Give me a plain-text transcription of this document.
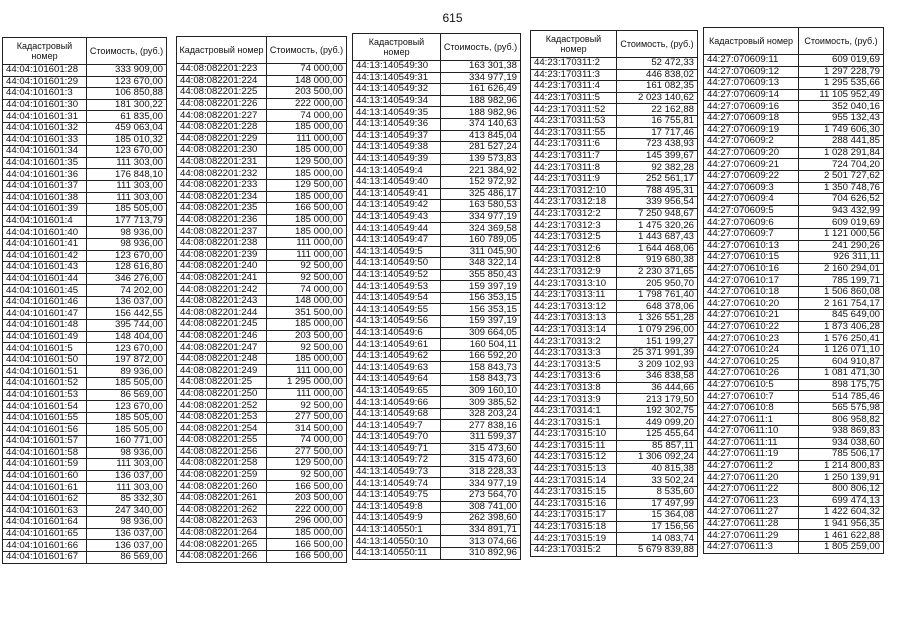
615
Кадастровый номер	Стоимость, (руб.)
44:04:101601:28	333 909,00
44:04:101601:29	123 670,00
44:04:101601:3	106 850,88
44:04:101601:30	181 300,22
44:04:101601:31	61 835,00
44:04:101601:32	459 063,04
44:04:101601:33	185 010,32
44:04:101601:34	123 670,00
44:04:101601:35	111 303,00
44:04:101601:36	176 848,10
44:04:101601:37	111 303,00
44:04:101601:38	111 303,00
44:04:101601:39	185 505,00
44:04:101601:4	177 713,79
44:04:101601:40	98 936,00
44:04:101601:41	98 936,00
44:04:101601:42	123 670,00
44:04:101601:43	128 616,80
44:04:101601:44	346 276,00
44:04:101601:45	74 202,00
44:04:101601:46	136 037,00
44:04:101601:47	156 442,55
44:04:101601:48	395 744,00
44:04:101601:49	148 404,00
44:04:101601:5	123 670,00
44:04:101601:50	197 872,00
44:04:101601:51	89 936,00
44:04:101601:52	185 505,00
44:04:101601:53	86 569,00
44:04:101601:54	123 670,00
44:04:101601:55	185 505,00
44:04:101601:56	185 505,00
44:04:101601:57	160 771,00
44:04:101601:58	98 936,00
44:04:101601:59	111 303,00
44:04:101601:60	136 037,00
44:04:101601:61	111 303,00
44:04:101601:62	85 332,30
44:04:101601:63	247 340,00
44:04:101601:64	98 936,00
44:04:101601:65	136 037,00
44:04:101601:66	136 037,00
44:04:101601:67	86 569,00
Кадастровый номер	Стоимость, (руб.)
44:08:082201:223	74 000,00
44:08:082201:224	148 000,00
44:08:082201:225	203 500,00
44:08:082201:226	222 000,00
44:08:082201:227	74 000,00
44:08:082201:228	185 000,00
44:08:082201:229	111 000,00
44:08:082201:230	185 000,00
44:08:082201:231	129 500,00
44:08:082201:232	185 000,00
44:08:082201:233	129 500,00
44:08:082201:234	185 000,00
44:08:082201:235	166 500,00
44:08:082201:236	185 000,00
44:08:082201:237	185 000,00
44:08:082201:238	111 000,00
44:08:082201:239	111 000,00
44:08:082201:240	92 500,00
44:08:082201:241	92 500,00
44:08:082201:242	74 000,00
44:08:082201:243	148 000,00
44:08:082201:244	351 500,00
44:08:082201:245	185 000,00
44:08:082201:246	203 500,00
44:08:082201:247	92 500,00
44:08:082201:248	185 000,00
44:08:082201:249	111 000,00
44:08:082201:25	1 295 000,00
44:08:082201:250	111 000,00
44:08:082201:252	92 500,00
44:08:082201:253	277 500,00
44:08:082201:254	314 500,00
44:08:082201:255	74 000,00
44:08:082201:256	277 500,00
44:08:082201:258	129 500,00
44:08:082201:259	92 500,00
44:08:082201:260	166 500,00
44:08:082201:261	203 500,00
44:08:082201:262	222 000,00
44:08:082201:263	296 000,00
44:08:082201:264	185 000,00
44:08:082201:265	166 500,00
44:08:082201:266	166 500,00
Кадастровый номер	Стоимость, (руб.)
44:13:140549:30	163 301,38
44:13:140549:31	334 977,19
44:13:140549:32	161 626,49
44:13:140549:34	188 982,96
44:13:140549:35	188 982,96
44:13:140549:36	374 140,63
44:13:140549:37	413 845,04
44:13:140549:38	281 527,24
44:13:140549:39	139 573,83
44:13:140549:4	221 384,92
44:13:140549:40	152 972,92
44:13:140549:41	325 486,17
44:13:140549:42	163 580,53
44:13:140549:43	334 977,19
44:13:140549:44	324 369,58
44:13:140549:47	160 789,05
44:13:140549:5	311 045,90
44:13:140549:50	348 322,14
44:13:140549:52	355 850,43
44:13:140549:53	159 397,19
44:13:140549:54	156 353,15
44:13:140549:55	156 353,15
44:13:140549:56	159 397,19
44:13:140549:6	309 664,05
44:13:140549:61	160 504,11
44:13:140549:62	166 592,20
44:13:140549:63	158 843,73
44:13:140549:64	158 843,73
44:13:140549:65	309 160,10
44:13:140549:66	309 385,52
44:13:140549:68	328 203,24
44:13:140549:7	277 838,16
44:13:140549:70	311 599,37
44:13:140549:71	315 473,60
44:13:140549:72	315 473,60
44:13:140549:73	318 228,33
44:13:140549:74	334 977,19
44:13:140549:75	273 564,70
44:13:140549:8	308 741,00
44:13:140549:9	262 398,60
44:13:140550:1	334 891,71
44:13:140550:10	313 074,66
44:13:140550:11	310 892,96
Кадастровый номер	Стоимость, (руб.)
44:23:170311:2	52 472,33
44:23:170311:3	446 838,02
44:23:170311:4	161 082,35
44:23:170311:5	2 023 140,62
44:23:170311:52	22 162,88
44:23:170311:53	16 755,81
44:23:170311:55	17 717,46
44:23:170311:6	723 438,93
44:23:170311:7	145 399,67
44:23:170311:8	92 382,28
44:23:170311:9	252 561,17
44:23:170312:10	788 495,31
44:23:170312:18	339 956,54
44:23:170312:2	7 250 948,67
44:23:170312:3	1 475 320,26
44:23:170312:5	1 443 687,43
44:23:170312:6	1 644 468,06
44:23:170312:8	919 680,38
44:23:170312:9	2 230 371,65
44:23:170313:10	205 950,70
44:23:170313:11	1 798 761,40
44:23:170313:12	648 378,06
44:23:170313:13	1 326 551,28
44:23:170313:14	1 079 296,00
44:23:170313:2	151 199,27
44:23:170313:3	25 371 991,39
44:23:170313:5	3 209 102,93
44:23:170313:6	346 838,58
44:23:170313:8	36 444,66
44:23:170313:9	213 179,50
44:23:170314:1	192 302,75
44:23:170315:1	449 099,20
44:23:170315:10	125 455,64
44:23:170315:11	85 857,11
44:23:170315:12	1 306 092,24
44:23:170315:13	40 815,38
44:23:170315:14	33 502,24
44:23:170315:15	8 535,60
44:23:170315:16	17 497,99
44:23:170315:17	15 364,08
44:23:170315:18	17 156,56
44:23:170315:19	14 083,74
44:23:170315:2	5 679 839,88
Кадастровый номер	Стоимость, (руб.)
44:27:070609:11	609 019,69
44:27:070609:12	1 297 228,79
44:27:070609:13	1 295 535,66
44:27:070609:14	11 105 952,49
44:27:070609:16	352 040,16
44:27:070609:18	955 132,43
44:27:070609:19	1 749 606,30
44:27:070609:2	288 441,85
44:27:070609:20	1 028 291,84
44:27:070609:21	724 704,20
44:27:070609:22	2 501 727,62
44:27:070609:3	1 350 748,76
44:27:070609:4	704 626,52
44:27:070609:5	943 432,99
44:27:070609:6	609 019,69
44:27:070609:7	1 121 000,56
44:27:070610:13	241 290,26
44:27:070610:15	926 311,11
44:27:070610:16	2 160 294,01
44:27:070610:17	785 199,71
44:27:070610:18	1 506 860,08
44:27:070610:20	2 161 754,17
44:27:070610:21	845 649,00
44:27:070610:22	1 873 406,28
44:27:070610:23	1 576 250,41
44:27:070610:24	1 126 071,10
44:27:070610:25	604 910,87
44:27:070610:26	1 081 471,30
44:27:070610:5	898 175,75
44:27:070610:7	514 785,46
44:27:070610:8	565 575,98
44:27:070611:1	806 958,82
44:27:070611:10	938 869,83
44:27:070611:11	934 038,60
44:27:070611:19	785 506,17
44:27:070611:2	1 214 800,83
44:27:070611:20	1 250 139,91
44:27:070611:22	800 806,12
44:27:070611:23	699 474,13
44:27:070611:27	1 422 604,32
44:27:070611:28	1 941 956,35
44:27:070611:29	1 461 622,88
44:27:070611:3	1 805 259,00
